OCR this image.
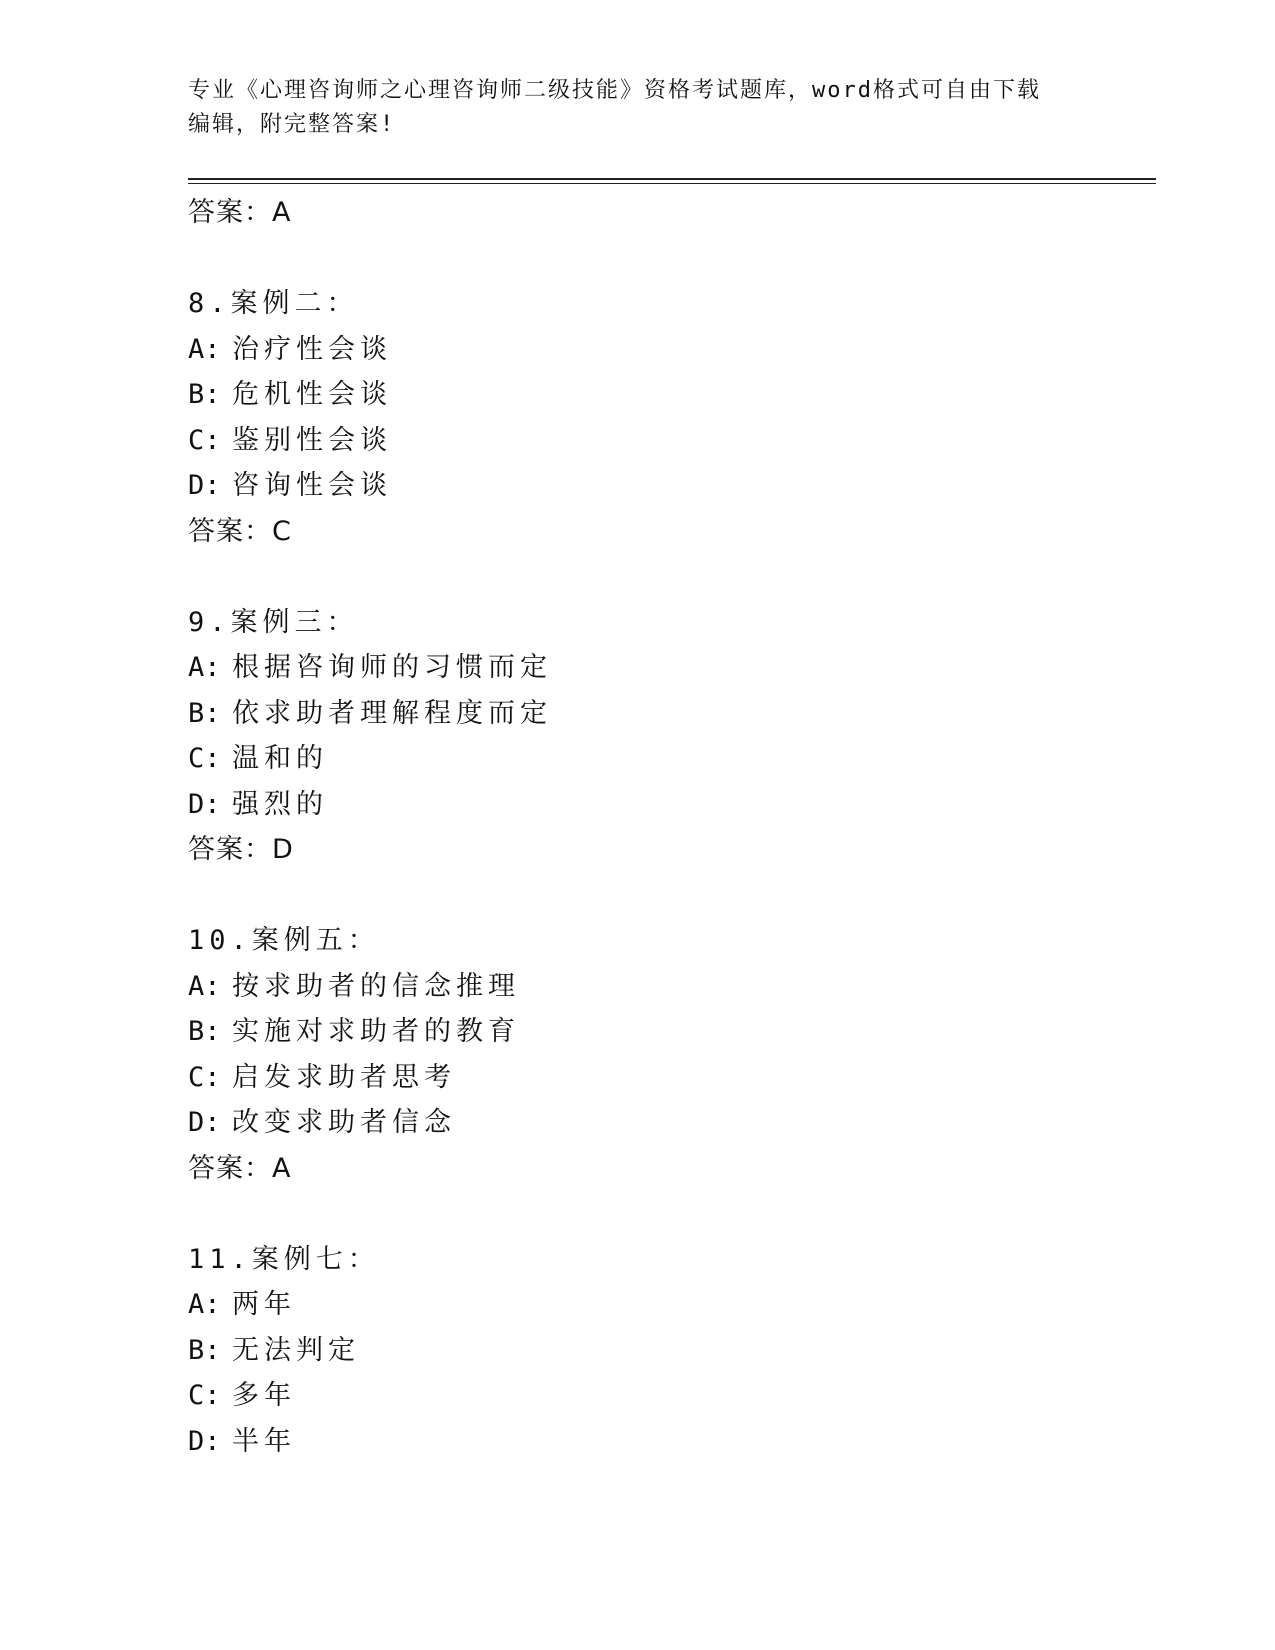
专业《心理咨询师之心理咨询师二级技能》资格考试题库，word格式可自由下载
编辑，附完整答案!
答案：A
8.案例二：
A: 治疗性会谈
B: 危机性会谈
C: 鉴别性会谈
D: 咨询性会谈
答案：C
9.案例三：
A: 根据咨询师的习惯而定
B: 依求助者理解程度而定
C: 温和的
D: 强烈的
答案：D
10.案例五：
A: 按求助者的信念推理
B: 实施对求助者的教育
C: 启发求助者思考
D: 改变求助者信念
答案：A
11.案例七：
A: 两年
B: 无法判定
C: 多年
D: 半年
